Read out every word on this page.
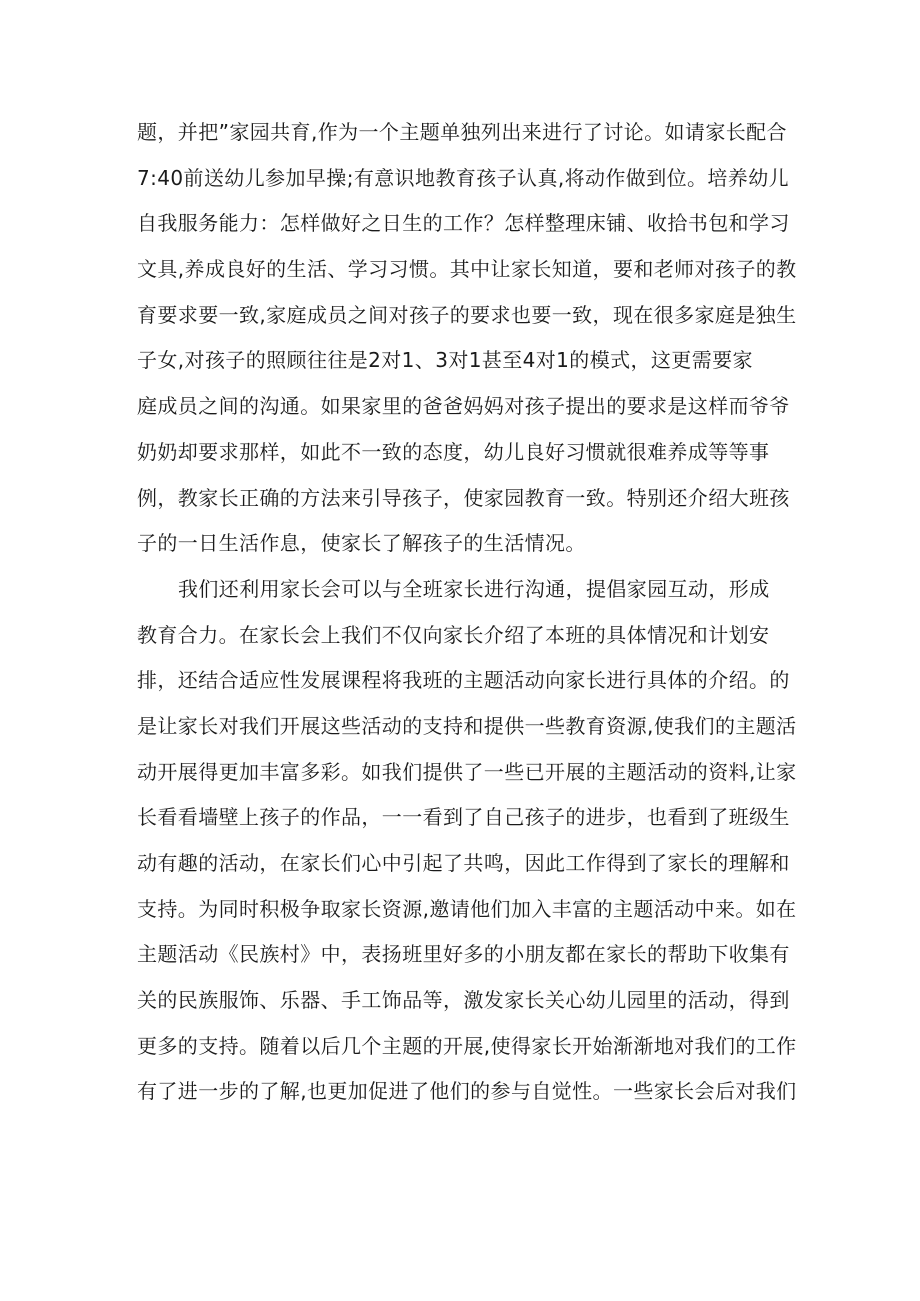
题，并把”家园共育,作为一个主题单独列出来进行了讨论。如请家长配合
7:40前送幼儿参加早操;有意识地教育孩子认真,将动作做到位。培养幼儿
自我服务能力：怎样做好之日生的工作？怎样整理床铺、收拾书包和学习
文具,养成良好的生活、学习习惯。其中让家长知道，要和老师对孩子的教
育要求要一致,家庭成员之间对孩子的要求也要一致，现在很多家庭是独生
子女,对孩子的照顾往往是2对1、3对1甚至4对1的模式，这更需要家
庭成员之间的沟通。如果家里的爸爸妈妈对孩子提出的要求是这样而爷爷
奶奶却要求那样，如此不一致的态度，幼儿良好习惯就很难养成等等事
例，教家长正确的方法来引导孩子，使家园教育一致。特别还介绍大班孩
子的一日生活作息，使家长了解孩子的生活情况。
我们还利用家长会可以与全班家长进行沟通，提倡家园互动，形成
教育合力。在家长会上我们不仅向家长介绍了本班的具体情况和计划安
排，还结合适应性发展课程将我班的主题活动向家长进行具体的介绍。的
是让家长对我们开展这些活动的支持和提供一些教育资源,使我们的主题活
动开展得更加丰富多彩。如我们提供了一些已开展的主题活动的资料,让家
长看看墙壁上孩子的作品，一一看到了自己孩子的进步，也看到了班级生
动有趣的活动，在家长们心中引起了共鸣，因此工作得到了家长的理解和
支持。为同时积极争取家长资源,邀请他们加入丰富的主题活动中来。如在
主题活动《民族村》中，表扬班里好多的小朋友都在家长的帮助下收集有
关的民族服饰、乐器、手工饰品等，激发家长关心幼儿园里的活动，得到
更多的支持。随着以后几个主题的开展,使得家长开始渐渐地对我们的工作
有了进一步的了解,也更加促进了他们的参与自觉性。一些家长会后对我们
